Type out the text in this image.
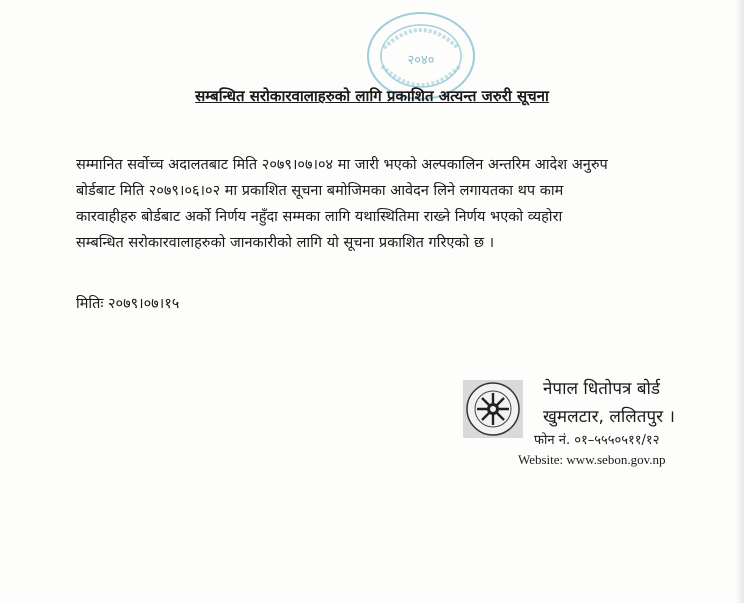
२०४०
सम्बन्धित सरोकारवालाहरुको लागि प्रकाशित अत्यन्त जरुरी सूचना
सम्मानित सर्वोच्च अदालतबाट मिति २०७९।०७।०४ मा जारी भएको अल्पकालिन अन्तरिम आदेश अनुरुप
बोर्डबाट मिति २०७९।०६।०२ मा प्रकाशित सूचना बमोजिमका आवेदन लिने लगायतका थप काम
कारवाहीहरु बोर्डबाट अर्को निर्णय नहुँदा सम्मका लागि यथास्थितिमा राख्ने निर्णय भएको व्यहोरा
सम्बन्धित सरोकारवालाहरुको जानकारीको लागि यो सूचना प्रकाशित गरिएको छ ।
मितिः २०७९।०७।१५
नेपाल धितोपत्र बोर्ड
खुमलटार, ललितपुर ।
फोन नं. ०१–५५५०५११/१२
Website: www.sebon.gov.np
